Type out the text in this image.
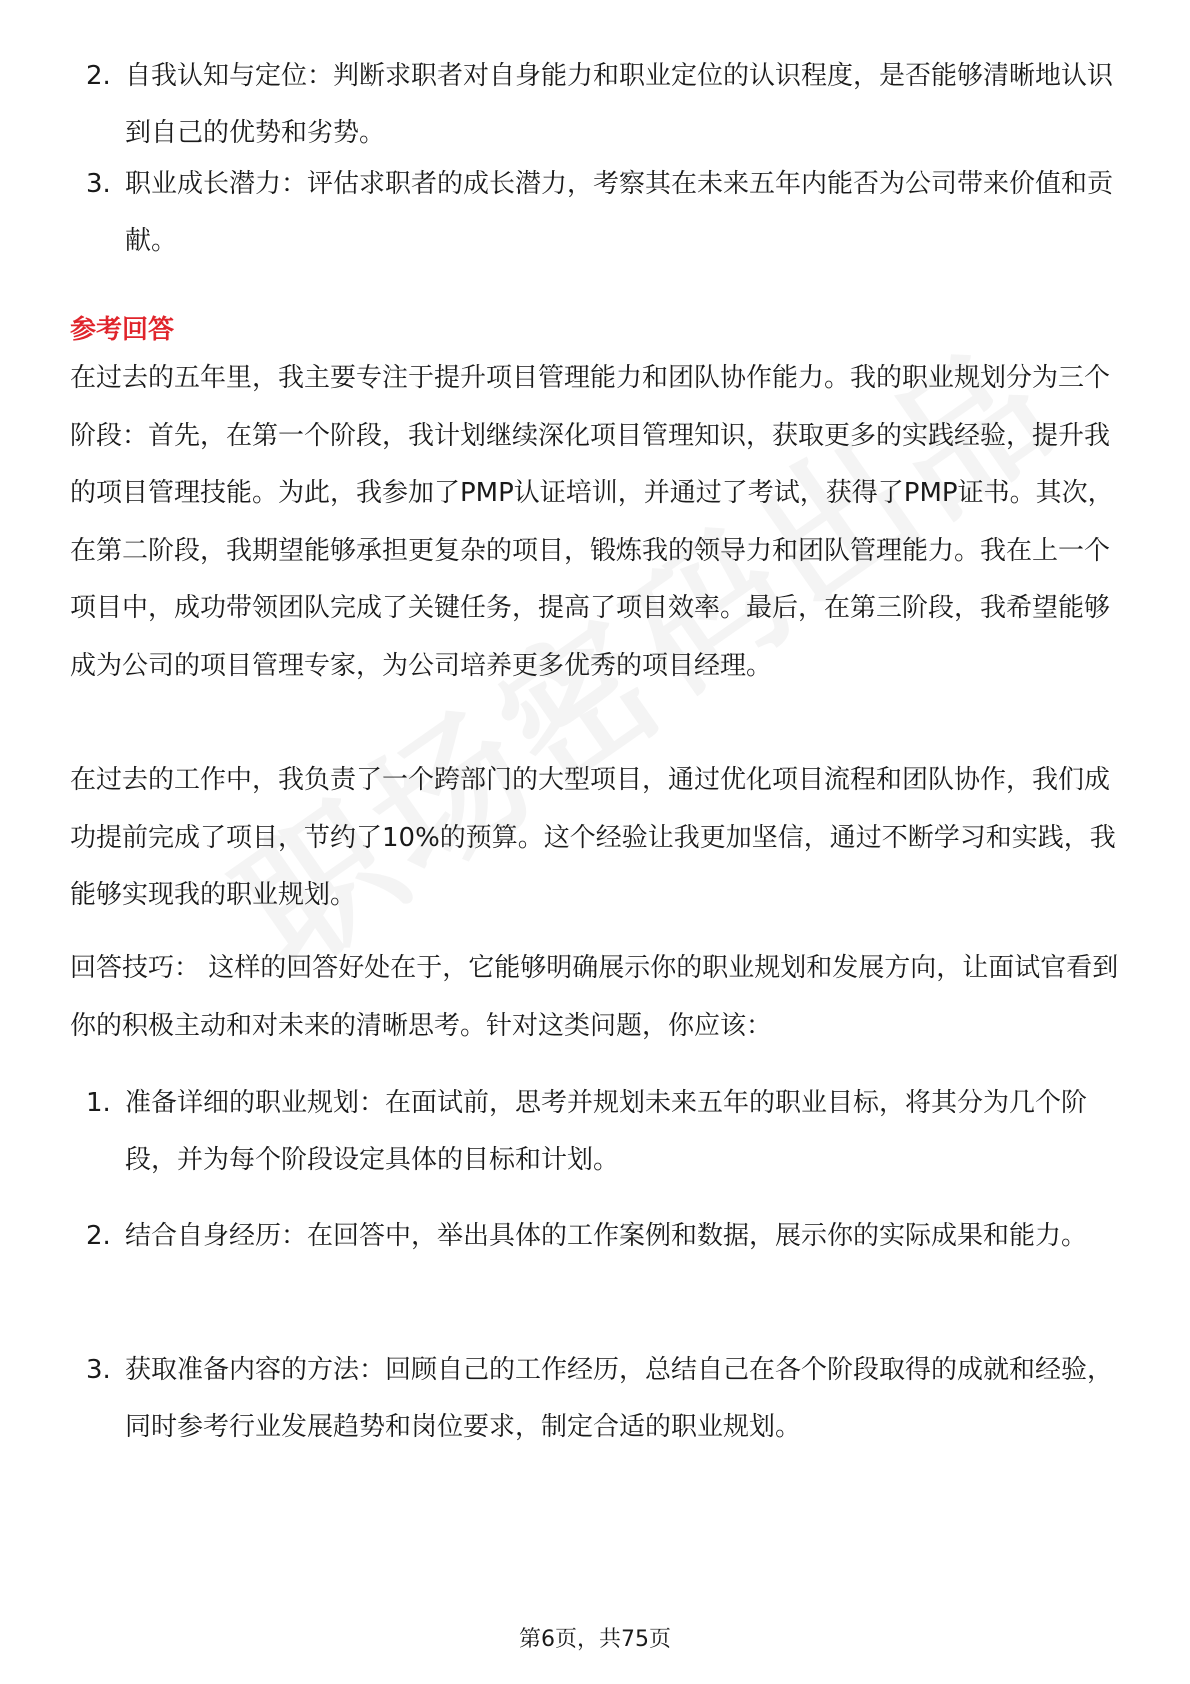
2. 自我认知与定位：判断求职者对自身能力和职业定位的认识程度，是否能够清晰地认识到自己的优势和劣势。
3. 职业成长潜力：评估求职者的成长潜力，考察其在未来五年内能否为公司带来价值和贡献。
参考回答
在过去的五年里，我主要专注于提升项目管理能力和团队协作能力。我的职业规划分为三个阶段：首先，在第一个阶段，我计划继续深化项目管理知识，获取更多的实践经验，提升我的项目管理技能。为此，我参加了PMP认证培训，并通过了考试，获得了PMP证书。其次，在第二阶段，我期望能够承担更复杂的项目，锻炼我的领导力和团队管理能力。我在上一个项目中，成功带领团队完成了关键任务，提高了项目效率。最后，在第三阶段，我希望能够成为公司的项目管理专家，为公司培养更多优秀的项目经理。
在过去的工作中，我负责了一个跨部门的大型项目，通过优化项目流程和团队协作，我们成功提前完成了项目，节约了10%的预算。这个经验让我更加坚信，通过不断学习和实践，我能够实现我的职业规划。
回答技巧： 这样的回答好处在于，它能够明确展示你的职业规划和发展方向，让面试官看到你的积极主动和对未来的清晰思考。针对这类问题，你应该：
1. 准备详细的职业规划：在面试前，思考并规划未来五年的职业目标，将其分为几个阶段，并为每个阶段设定具体的目标和计划。
2. 结合自身经历：在回答中，举出具体的工作案例和数据，展示你的实际成果和能力。
3. 获取准备内容的方法：回顾自己的工作经历，总结自己在各个阶段取得的成就和经验，同时参考行业发展趋势和岗位要求，制定合适的职业规划。
第6页，共75页
